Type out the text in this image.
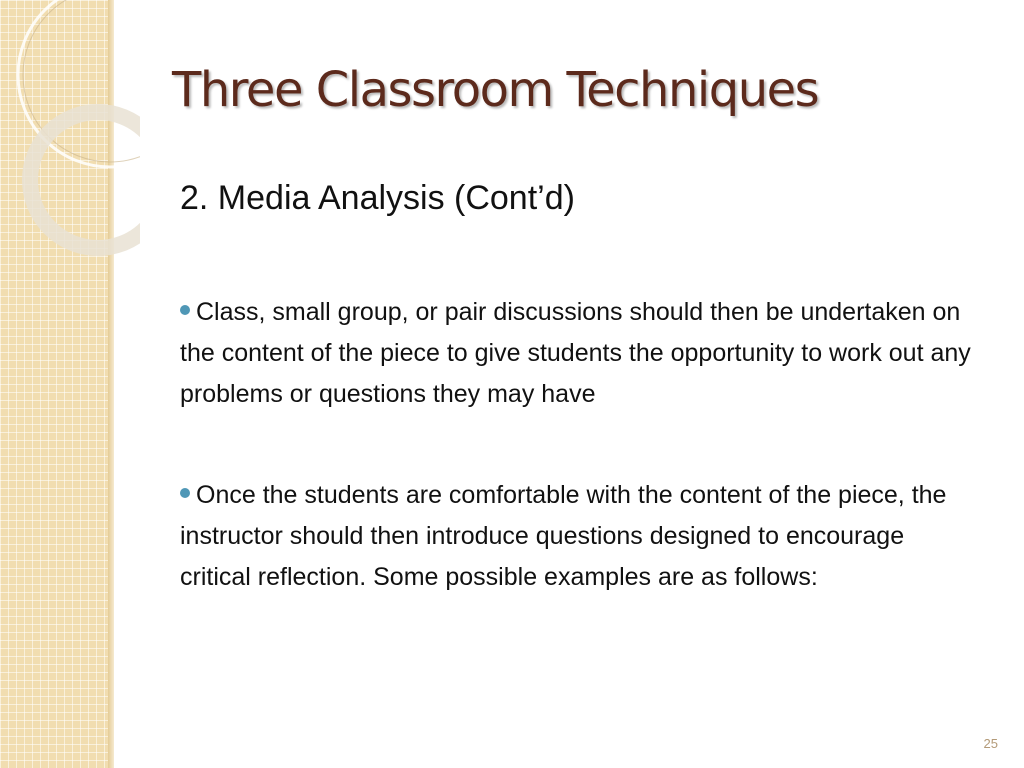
Three Classroom Techniques

2. Media Analysis (Cont’d)

Class, small group, or pair discussions should then be undertaken on the content of the piece to give students the opportunity to work out any problems or questions they may have

Once the students are comfortable with the content of the piece, the instructor should then introduce questions designed to encourage critical reflection. Some possible examples are as follows:

25
